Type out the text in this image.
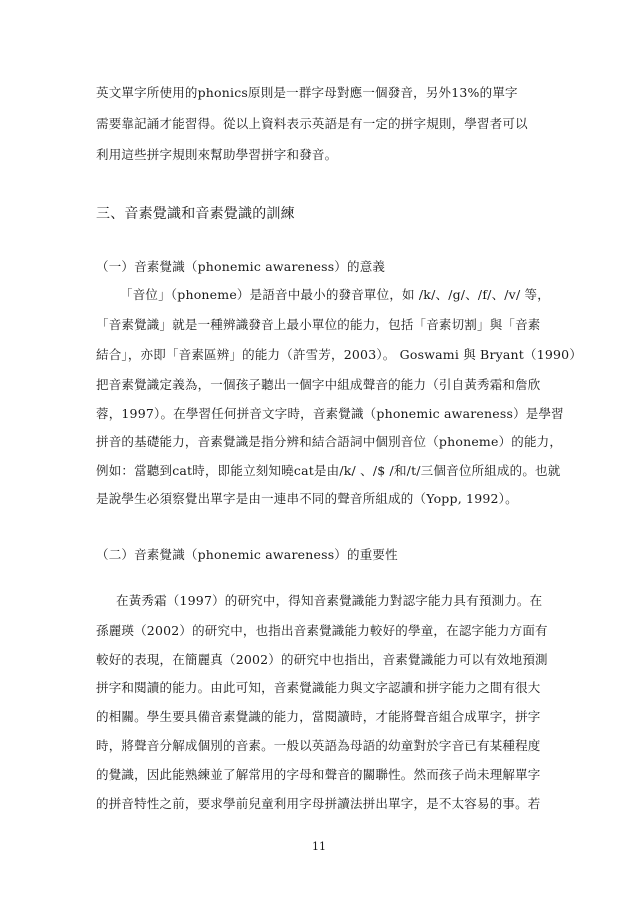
英文單字所使用的phonics原則是一群字母對應一個發音，另外13%的單字
需要靠記誦才能習得。從以上資料表示英語是有一定的拼字規則，學習者可以
利用這些拼字規則來幫助學習拼字和發音。
三、音素覺識和音素覺識的訓練
（一）音素覺識（phonemic awareness）的意義
「音位」（phoneme）是語音中最小的發音單位，如 /k/、/g/、/f/、/v/ 等，
「音素覺識」就是一種辨識發音上最小單位的能力，包括「音素切割」與「音素
結合」，亦即「音素區辨」的能力（許雪芳，2003）。 Goswami 與 Bryant（1990）
把音素覺識定義為，一個孩子聽出一個字中組成聲音的能力（引自黃秀霜和詹欣
蓉，1997）。在學習任何拼音文字時，音素覺識（phonemic awareness）是學習
拼音的基礎能力，音素覺識是指分辨和結合語詞中個別音位（phoneme）的能力，
例如：當聽到cat時，即能立刻知曉cat是由/k/ 、/$ /和/t/三個音位所組成的。也就
是說學生必須察覺出單字是由一連串不同的聲音所組成的（Yopp, 1992）。
（二）音素覺識（phonemic awareness）的重要性
在黃秀霜（1997）的研究中，得知音素覺識能力對認字能力具有預測力。在
孫麗瑛（2002）的研究中，也指出音素覺識能力較好的學童，在認字能力方面有
較好的表現，在簡麗真（2002）的研究中也指出，音素覺識能力可以有效地預測
拼字和閱讀的能力。由此可知，音素覺識能力與文字認讀和拼字能力之間有很大
的相關。學生要具備音素覺識的能力，當閱讀時，才能將聲音組合成單字，拼字
時，將聲音分解成個別的音素。一般以英語為母語的幼童對於字音已有某種程度
的覺識，因此能熟練並了解常用的字母和聲音的關聯性。然而孩子尚未理解單字
的拼音特性之前，要求學前兒童利用字母拼讀法拼出單字，是不太容易的事。若
11
